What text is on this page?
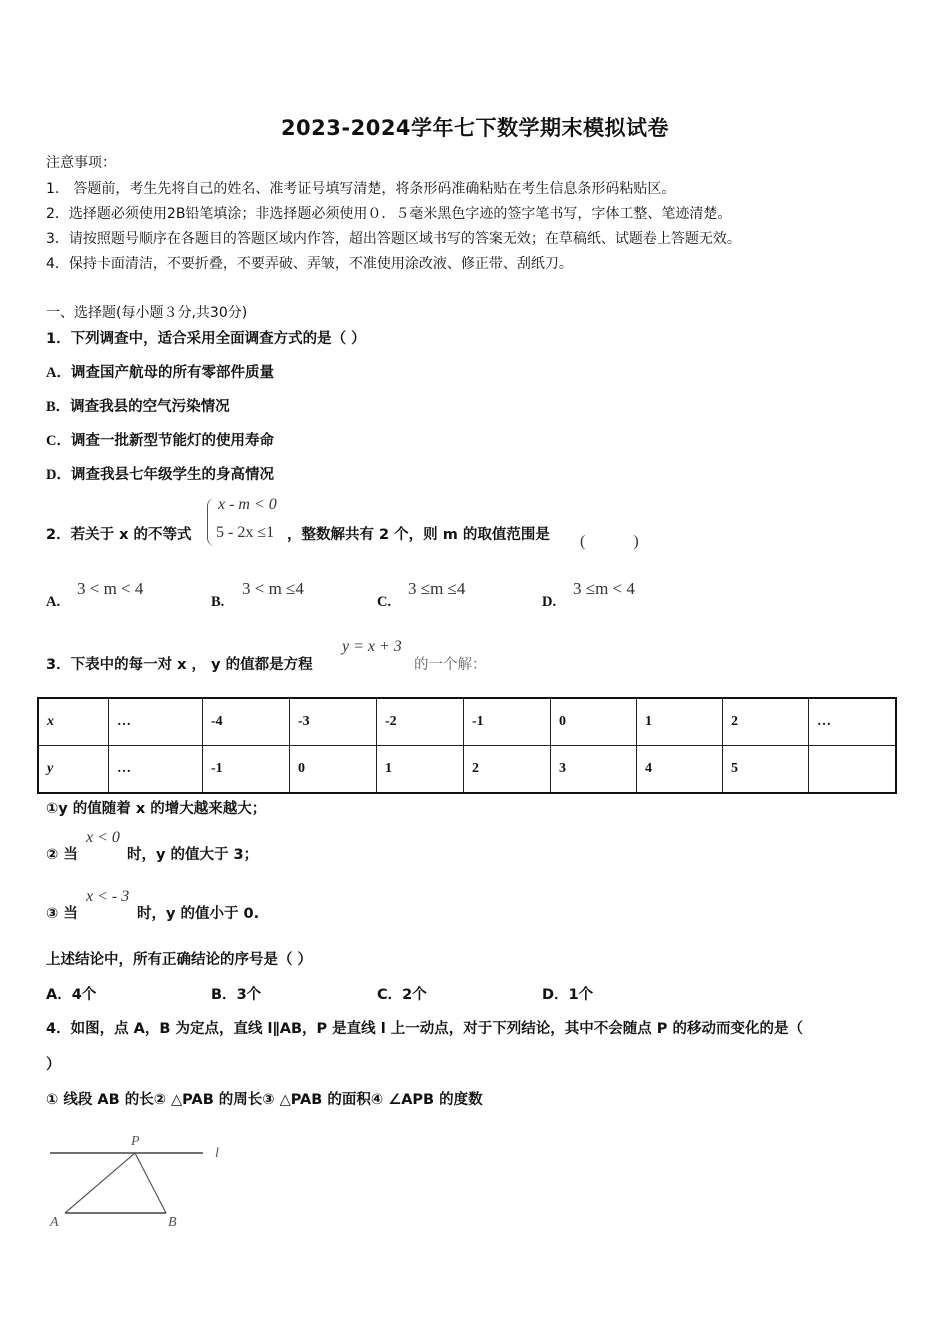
2023-2024学年七下数学期末模拟试卷
注意事项：
1.　答题前，考生先将自己的姓名、准考证号填写清楚，将条形码准确粘贴在考生信息条形码粘贴区。
2．选择题必须使用2B铅笔填涂；非选择题必须使用０．５毫米黑色字迹的签字笔书写，字体工整、笔迹清楚。
3．请按照题号顺序在各题目的答题区域内作答，超出答题区域书写的答案无效；在草稿纸、试题卷上答题无效。
4．保持卡面清洁，不要折叠，不要弄破、弄皱，不准使用涂改液、修正带、刮纸刀。
一、选择题(每小题３分,共30分)
1．下列调查中，适合采用全面调查方式的是（ ）
A．调查国产航母的所有零部件质量
B．调查我县的空气污染情况
C．调查一批新型节能灯的使用寿命
D．调查我县七年级学生的身高情况
2．若关于 x 的不等式
x - m < 0
5 - 2x ≤1 ，整数解共有 2 个，则 m 的取值范围是 (　　　)
A.
3 < m < 4
B.
3 < m ≤4
C.
3 ≤m ≤4
D.
3 ≤m < 4
3．下表中的每一对 x ， y 的值都是方程
y = x + 3
的一个解：
x	…	-4	-3	-2	-1	0	1	2	…
y	…	-1	0	1	2	3	4	5	
①y 的值随着 x 的增大越来越大；
② 当
x < 0
时，y 的值大于 3；
③ 当
x < - 3
时，y 的值小于 0.
上述结论中，所有正确结论的序号是（ ）
A．4个	B．3个	C．2个	D．1个
4．如图，点 A，B 为定点，直线 l∥AB，P 是直线 l 上一动点，对于下列结论，其中不会随点 P 的移动而变化的是（
）
① 线段 AB 的长② △PAB 的周长③ △PAB 的面积④ ∠APB 的度数
P
l
A	B
